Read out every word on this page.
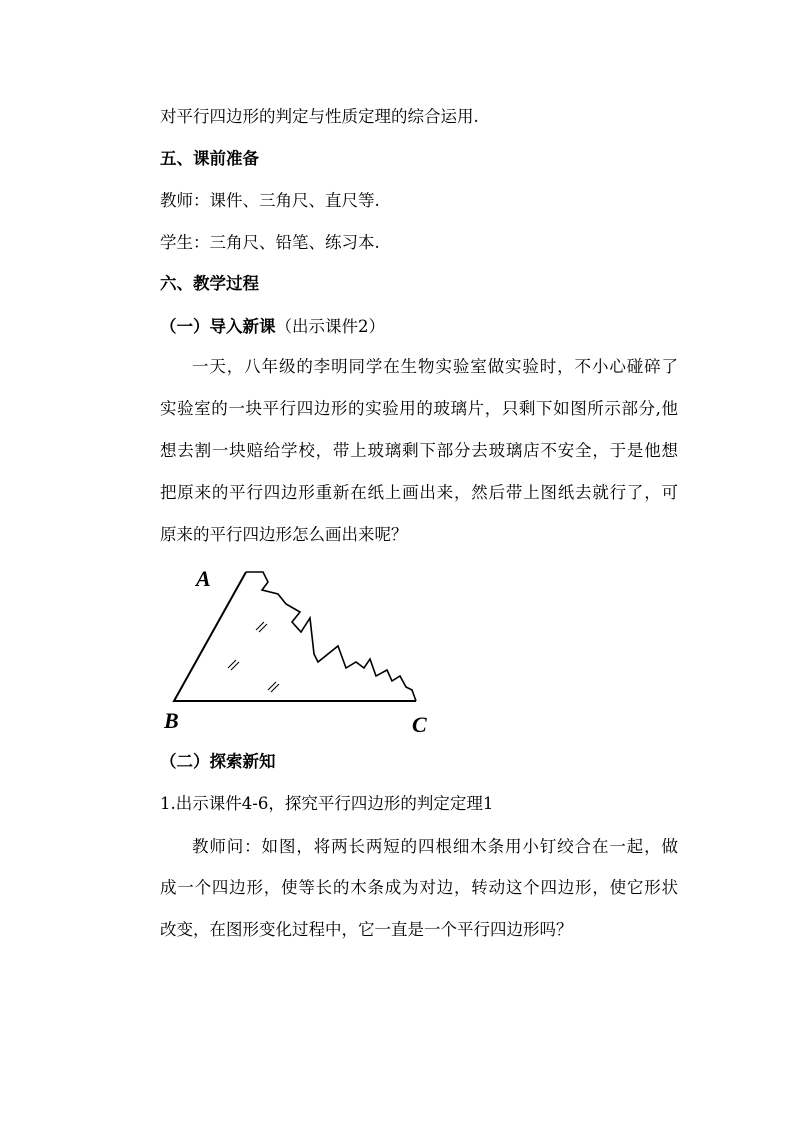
对平行四边形的判定与性质定理的综合运用.
五、课前准备
教师：课件、三角尺、直尺等.
学生：三角尺、铅笔、练习本.
六、教学过程
（一）导入新课（出示课件2）
一天，八年级的李明同学在生物实验室做实验时，不小心碰碎了
实验室的一块平行四边形的实验用的玻璃片，只剩下如图所示部分,他
想去割一块赔给学校，带上玻璃剩下部分去玻璃店不安全，于是他想
把原来的平行四边形重新在纸上画出来，然后带上图纸去就行了，可
原来的平行四边形怎么画出来呢？
A
B	C
（二）探索新知
1.出示课件4-6，探究平行四边形的判定定理1
教师问：如图，将两长两短的四根细木条用小钉绞合在一起，做
成一个四边形，使等长的木条成为对边，转动这个四边形，使它形状
改变，在图形变化过程中，它一直是一个平行四边形吗？
